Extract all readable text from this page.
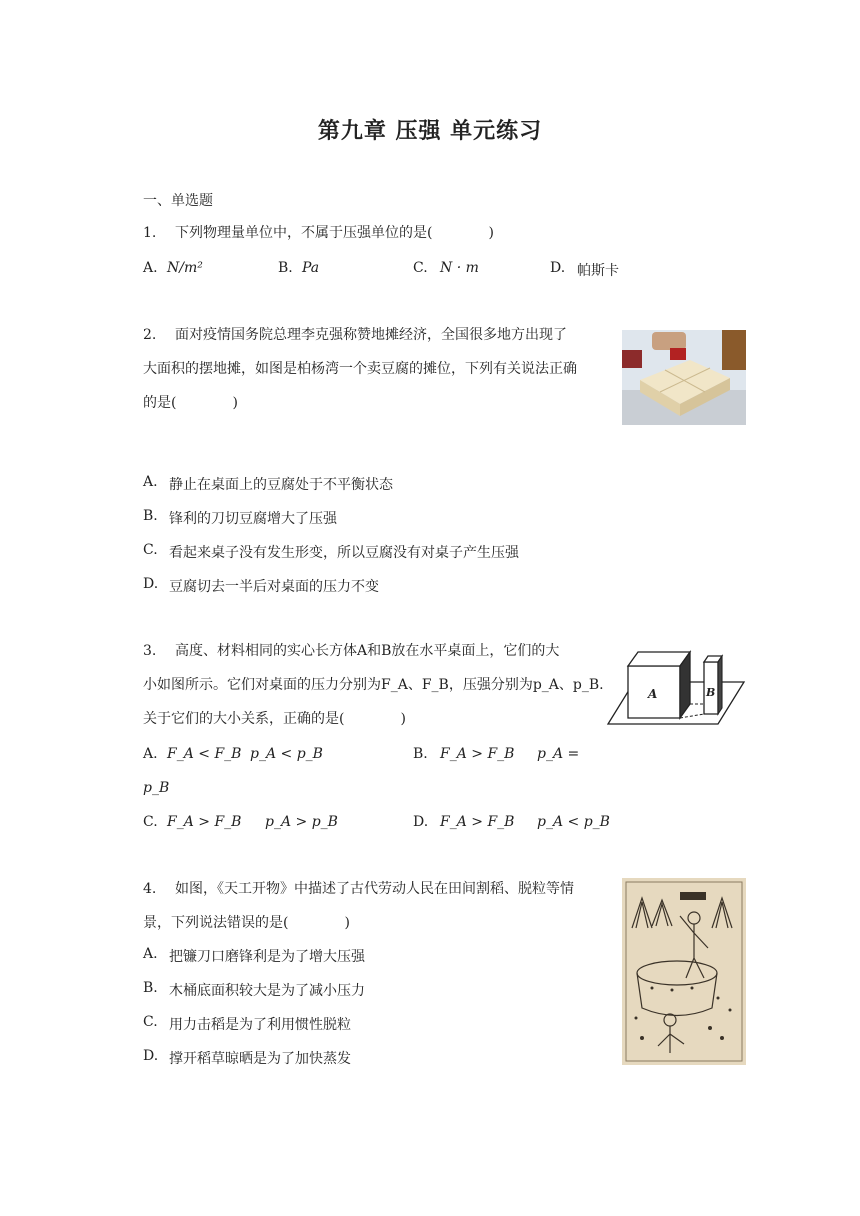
第九章 压强 单元练习
一、单选题
1. 下列物理量单位中，不属于压强单位的是(　　　　)
A. N/m²	B. Pa	C. N · m	D. 帕斯卡
2. 面对疫情国务院总理李克强称赞地摊经济，全国很多地方出现了
大面积的摆地摊，如图是柏杨湾一个卖豆腐的摊位，下列有关说法正确
的是(　　　　)
A. 静止在桌面上的豆腐处于不平衡状态
B. 锋利的刀切豆腐增大了压强
C. 看起来桌子没有发生形变，所以豆腐没有对桌子产生压强
D. 豆腐切去一半后对桌面的压力不变
3. 高度、材料相同的实心长方体A和B放在水平桌面上，它们的大
小如图所示。它们对桌面的压力分别为F_A、F_B，压强分别为p_A、p_B.
关于它们的大小关系，正确的是(　　　　)
A	B
A. F_A < F_B p_A < p_B	B. F_A > F_B p_A =
p_B
C. F_A > F_B p_A > p_B	D. F_A > F_B p_A < p_B
4. 如图，《天工开物》中描述了古代劳动人民在田间割稻、脱粒等情
景，下列说法错误的是(　　　　)
A. 把镰刀口磨锋利是为了增大压强
B. 木桶底面积较大是为了减小压力
C. 用力击稻是为了利用惯性脱粒
D. 撑开稻草晾晒是为了加快蒸发
